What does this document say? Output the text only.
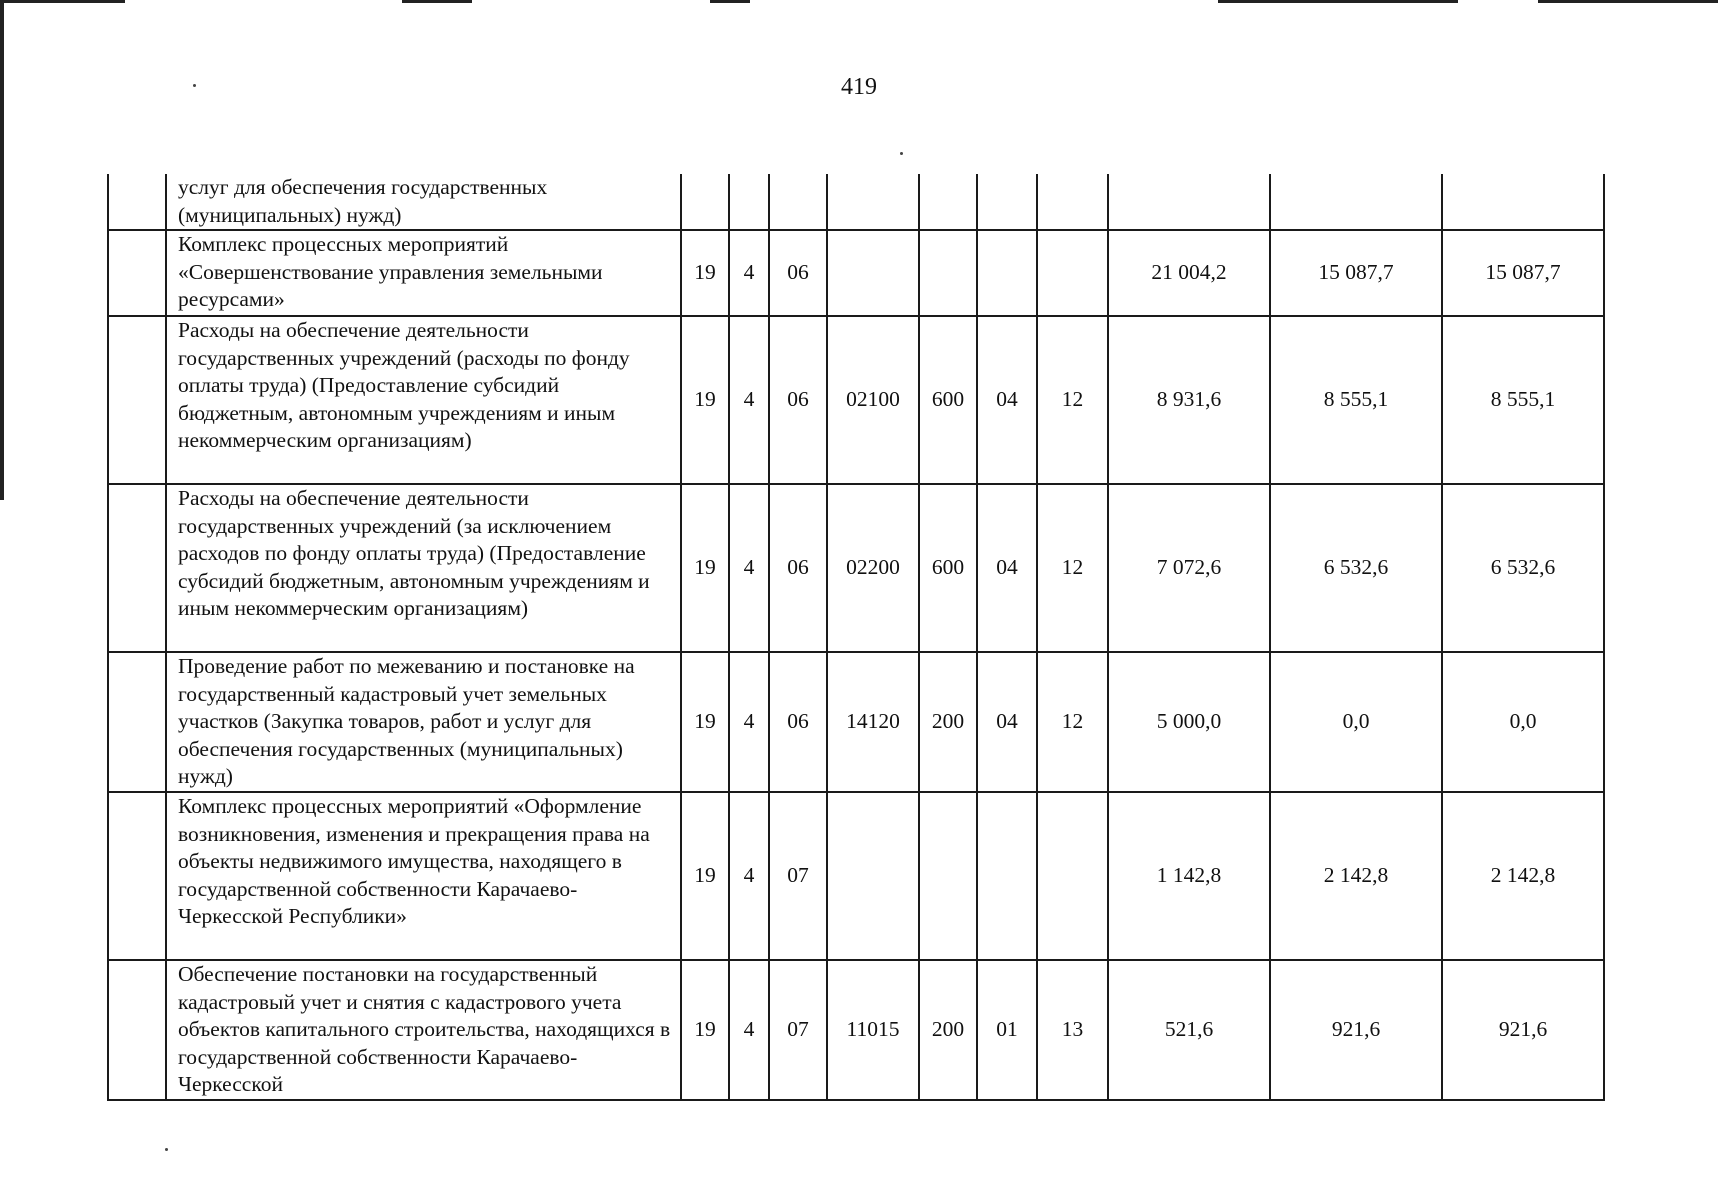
419
	услуг для обеспечения государственных (муниципальных) нужд)										
	Комплекс процессных мероприятий «Совершенствование управления земельными ресурсами»	19	4	06					21 004,2	15 087,7	15 087,7
	Расходы на обеспечение деятельности государственных учреждений (расходы по фонду оплаты труда) (Предоставление субсидий бюджетным, автономным учреждениям и иным некоммерческим организациям)	19	4	06	02100	600	04	12	8 931,6	8 555,1	8 555,1
	Расходы на обеспечение деятельности государственных учреждений (за исключением расходов по фонду оплаты труда) (Предоставление субсидий бюджетным, автономным учреждениям и иным некоммерческим организациям)	19	4	06	02200	600	04	12	7 072,6	6 532,6	6 532,6
	Проведение работ по межеванию и постановке на государственный кадастровый учет земельных участков (Закупка товаров, работ и услуг для обеспечения государственных (муниципальных) нужд)	19	4	06	14120	200	04	12	5 000,0	0,0	0,0
	Комплекс процессных мероприятий «Оформление возникновения, изменения и прекращения права на объекты недвижимого имущества, находящего в государственной собственности Карачаево-Черкесской Республики»	19	4	07					1 142,8	2 142,8	2 142,8
	Обеспечение постановки на государственный кадастровый учет и снятия с кадастрового учета объектов капитального строительства, находящихся в государственной собственности Карачаево-Черкесской	19	4	07	11015	200	01	13	521,6	921,6	921,6
